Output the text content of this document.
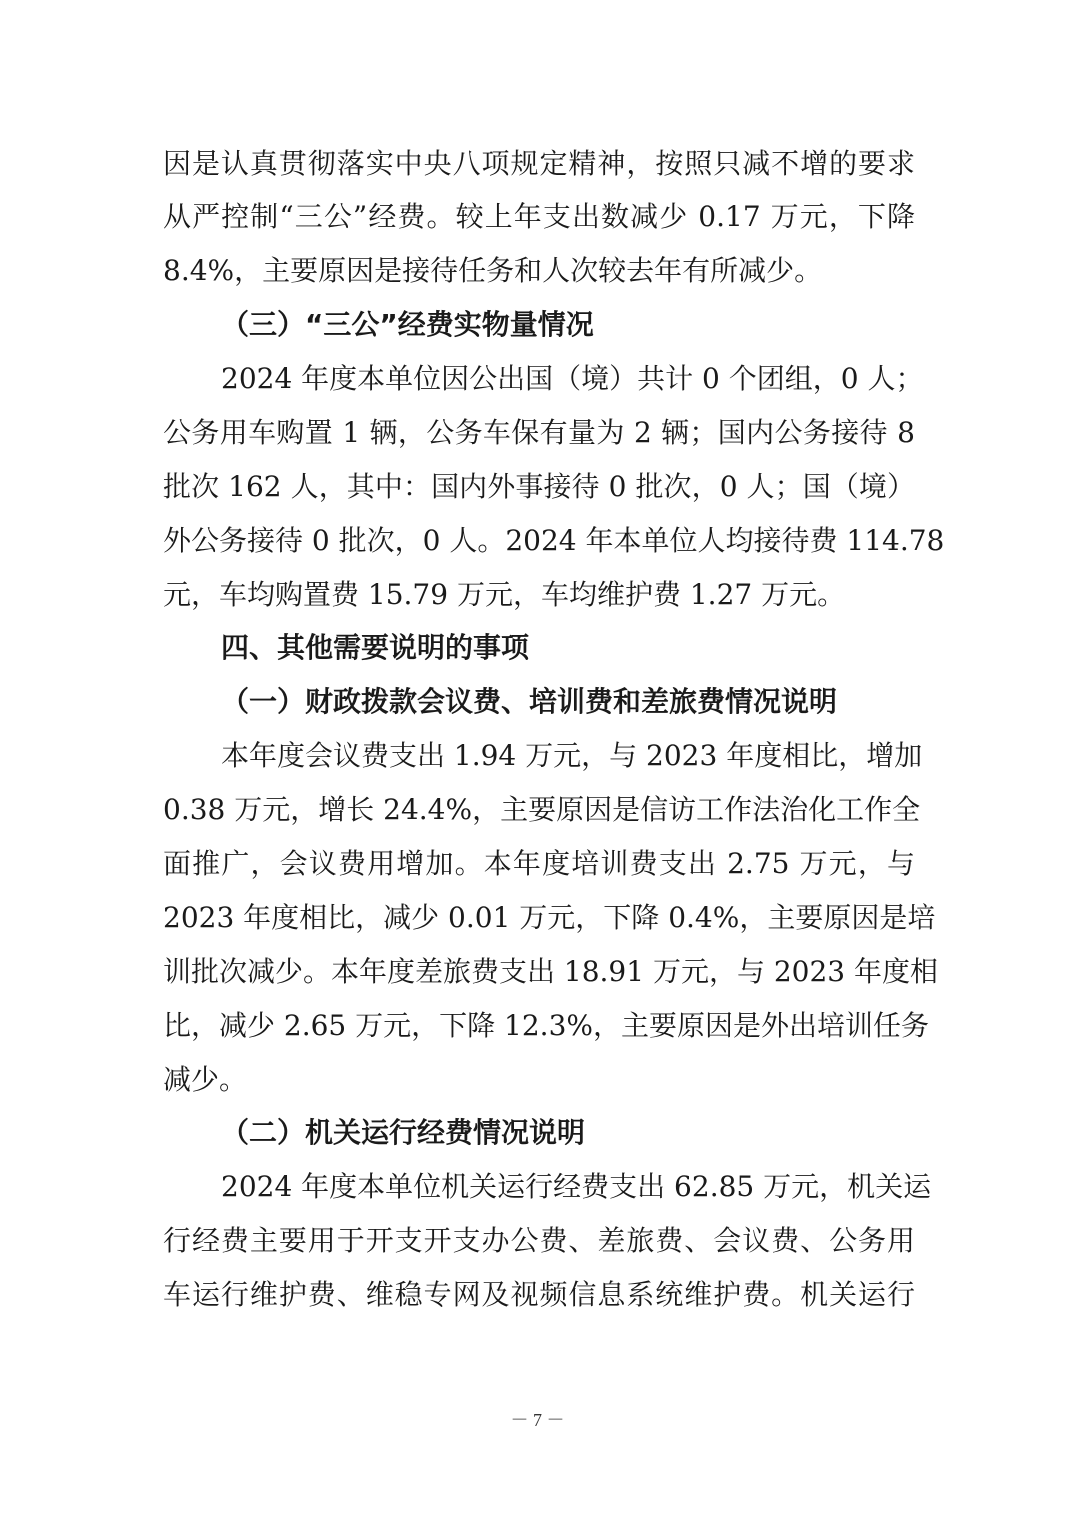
因是认真贯彻落实中央八项规定精神，按照只减不增的要求
从严控制“三公”经费。较上年支出数减少 0.17 万元，下降
8.4%，主要原因是接待任务和人次较去年有所减少。
（三）“三公”经费实物量情况
2024 年度本单位因公出国（境）共计 0 个团组，0 人；
公务用车购置 1 辆，公务车保有量为 2 辆；国内公务接待 8
批次 162 人，其中：国内外事接待 0 批次，0 人；国（境）
外公务接待 0 批次，0 人。2024 年本单位人均接待费 114.78
元，车均购置费 15.79 万元，车均维护费 1.27 万元。
四、其他需要说明的事项
（一）财政拨款会议费、培训费和差旅费情况说明
本年度会议费支出 1.94 万元，与 2023 年度相比，增加
0.38 万元，增长 24.4%，主要原因是信访工作法治化工作全
面推广，会议费用增加。本年度培训费支出 2.75 万元，与
2023 年度相比，减少 0.01 万元，下降 0.4%，主要原因是培
训批次减少。本年度差旅费支出 18.91 万元，与 2023 年度相
比，减少 2.65 万元，下降 12.3%，主要原因是外出培训任务
减少。
（二）机关运行经费情况说明
2024 年度本单位机关运行经费支出 62.85 万元，机关运
行经费主要用于开支开支办公费、差旅费、会议费、公务用
车运行维护费、维稳专网及视频信息系统维护费。机关运行
－ 7 －
